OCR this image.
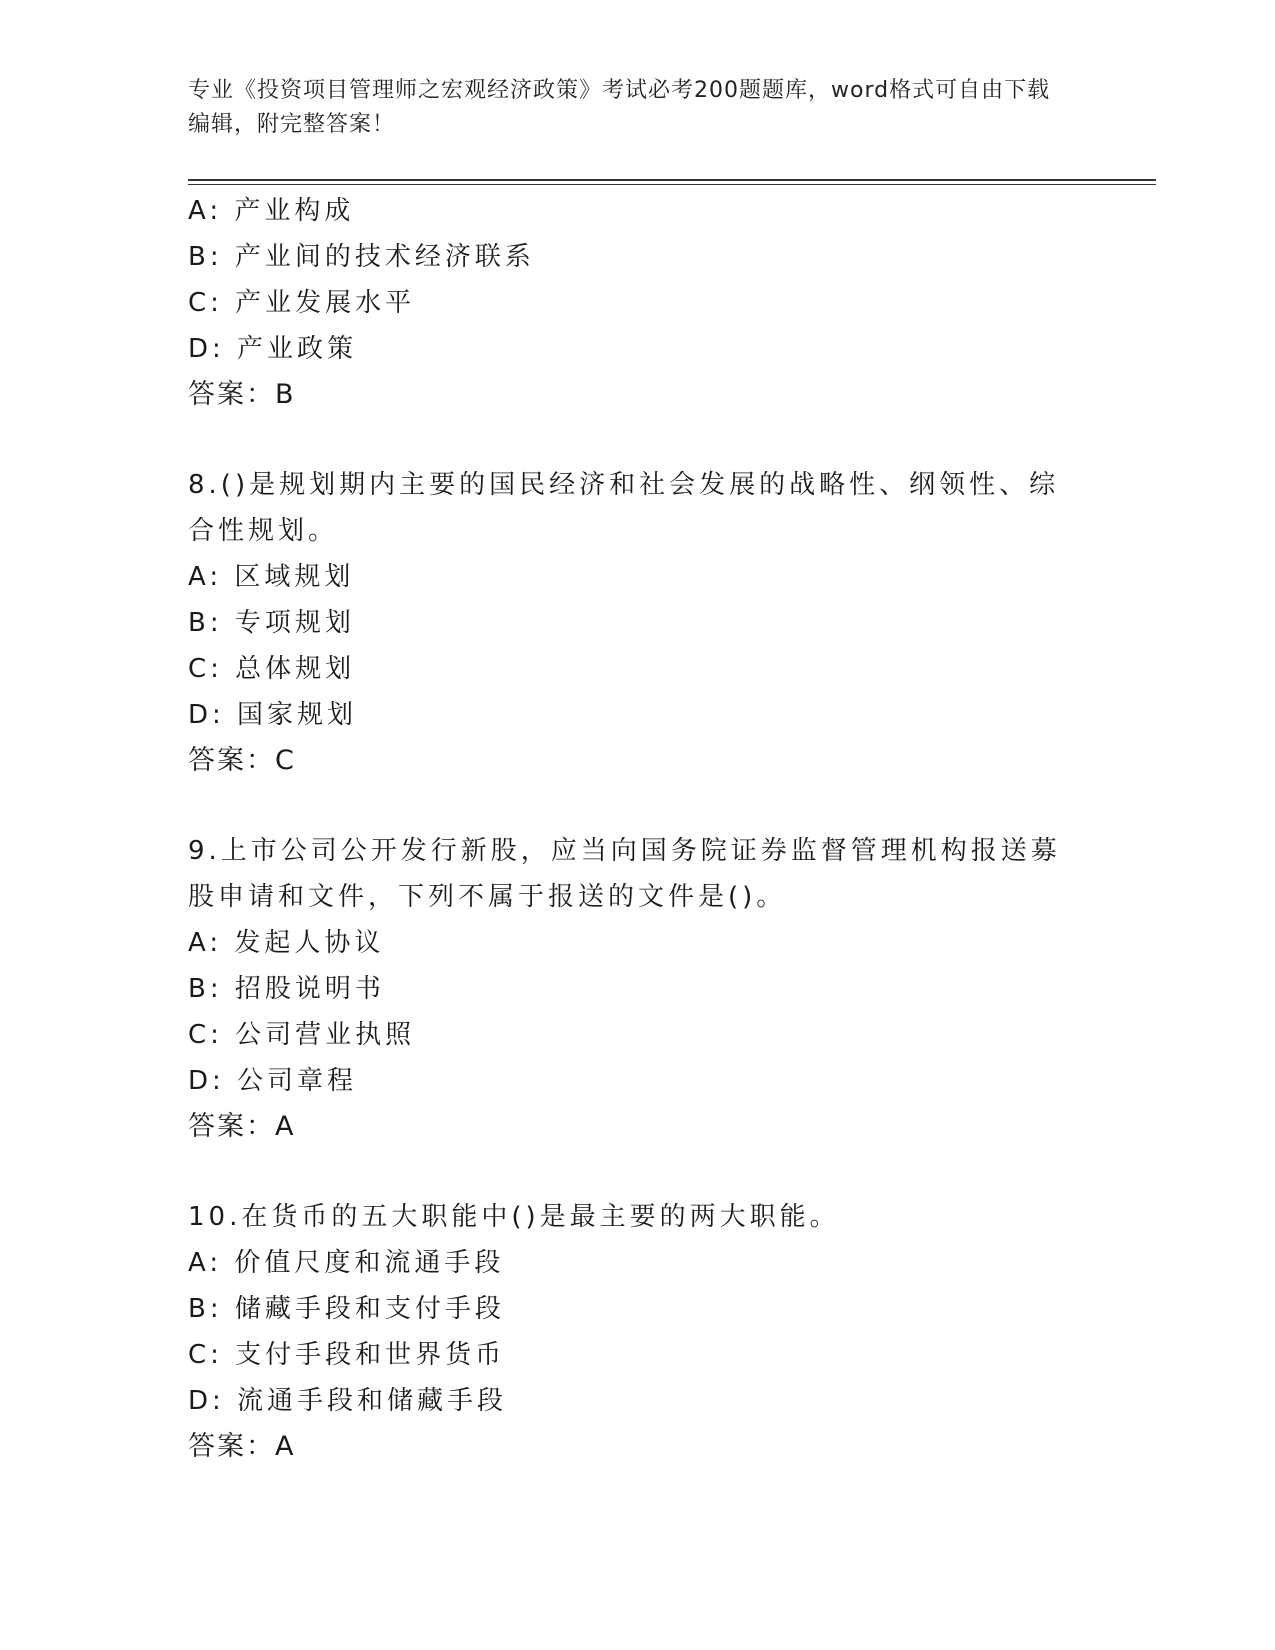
专业《投资项目管理师之宏观经济政策》考试必考200题题库，word格式可自由下载编辑，附完整答案！
A: 产业构成
B: 产业间的技术经济联系
C: 产业发展水平
D: 产业政策
答案：B
8.()是规划期内主要的国民经济和社会发展的战略性、纲领性、综合性规划。
A: 区域规划
B: 专项规划
C: 总体规划
D: 国家规划
答案：C
9.上市公司公开发行新股，应当向国务院证券监督管理机构报送募股申请和文件，下列不属于报送的文件是()。
A: 发起人协议
B: 招股说明书
C: 公司营业执照
D: 公司章程
答案：A
10.在货币的五大职能中()是最主要的两大职能。
A: 价值尺度和流通手段
B: 储藏手段和支付手段
C: 支付手段和世界货币
D: 流通手段和储藏手段
答案：A
